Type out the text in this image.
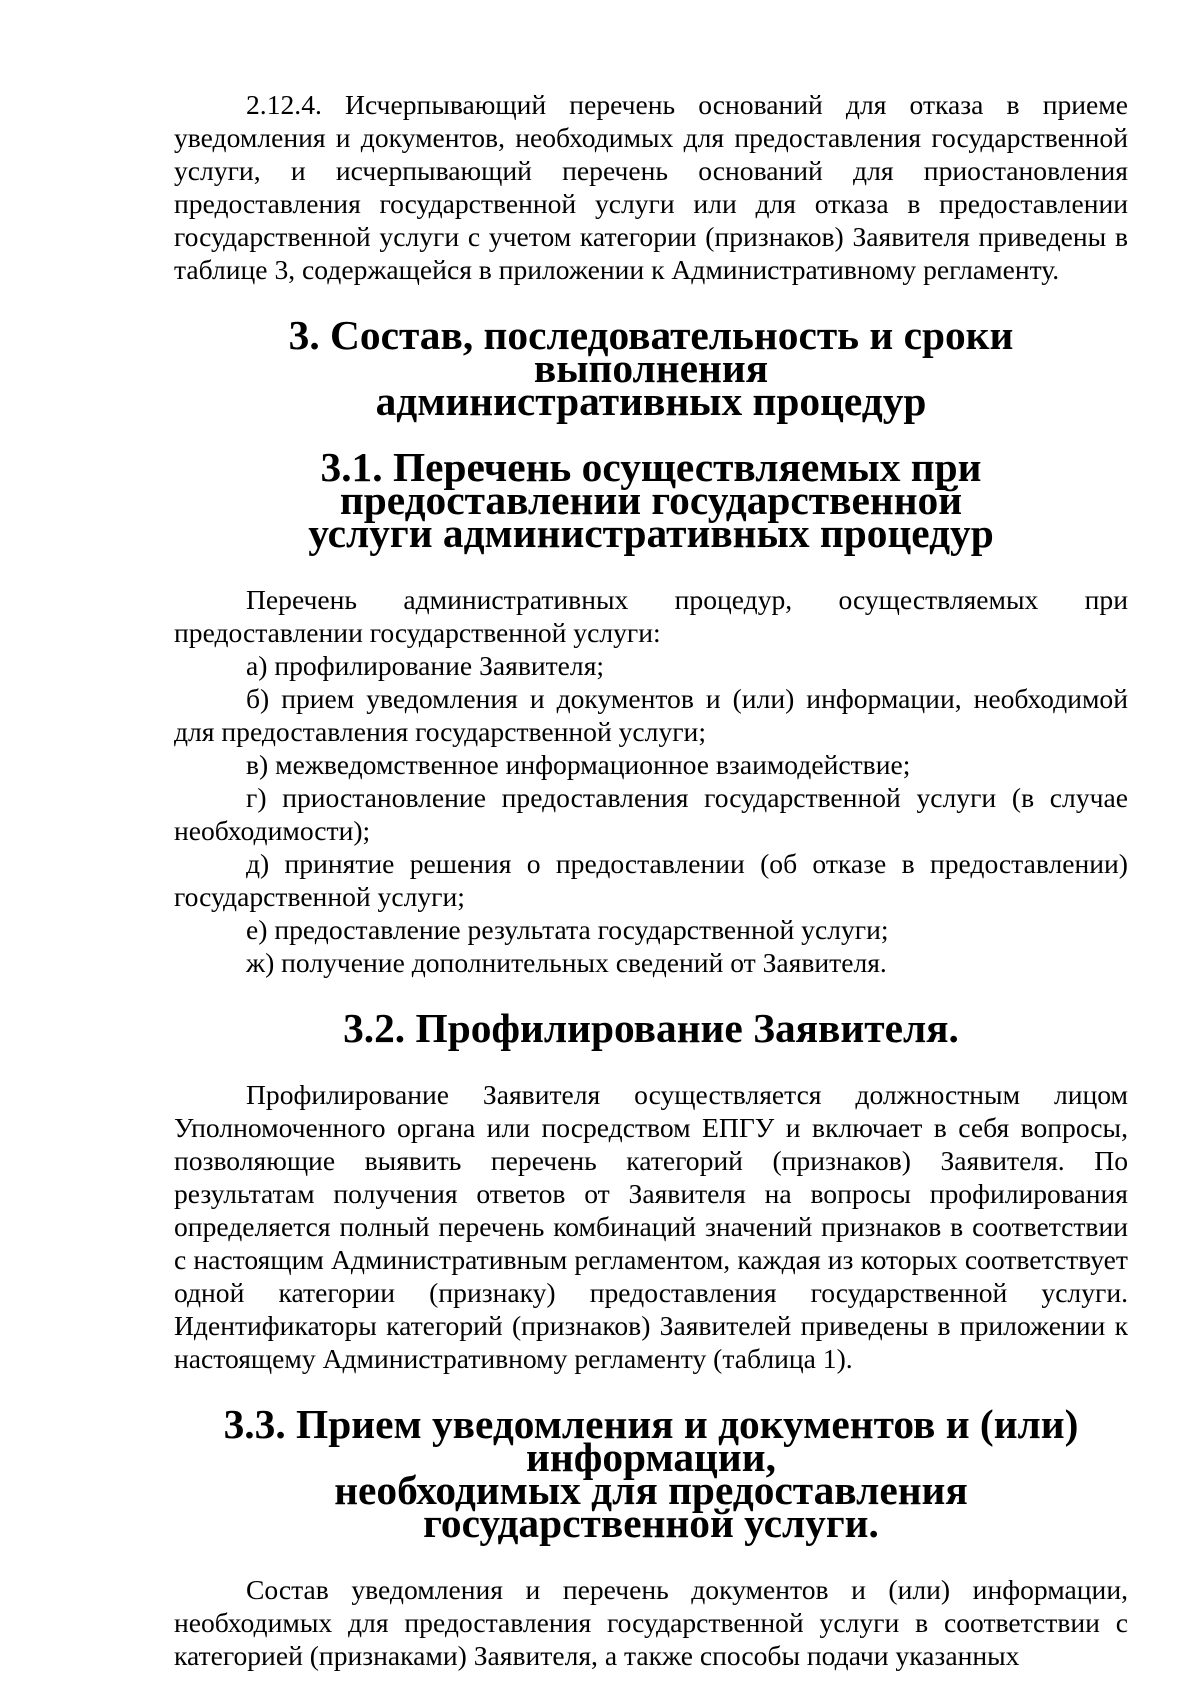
2.12.4. Исчерпывающий перечень оснований для отказа в приеме уведомления и документов, необходимых для предоставления государственной услуги, и исчерпывающий перечень оснований для приостановления предоставления государственной услуги или для отказа в предоставлении государственной услуги с учетом категории (признаков) Заявителя приведены в таблице 3, содержащейся в приложении к Административному регламенту.

3. Состав, последовательность и сроки выполнения
административных процедур
3.1. Перечень осуществляемых при предоставлении государственной
услуги административных процедур

Перечень административных процедур, осуществляемых при предоставлении государственной услуги:

а) профилирование Заявителя;

б) прием уведомления и документов и (или) информации, необходимой для предоставления государственной услуги;

в) межведомственное информационное взаимодействие;

г) приостановление предоставления государственной услуги (в случае необходимости);

д) принятие решения о предоставлении (об отказе в предоставлении) государственной услуги;

е) предоставление результата государственной услуги;

ж) получение дополнительных сведений от Заявителя.

3.2. Профилирование Заявителя.

Профилирование Заявителя осуществляется должностным лицом Уполномоченного органа или посредством ЕПГУ и включает в себя вопросы, позволяющие выявить перечень категорий (признаков) Заявителя. По результатам получения ответов от Заявителя на вопросы профилирования определяется полный перечень комбинаций значений признаков в соответствии с настоящим Административным регламентом, каждая из которых соответствует одной категории (признаку) предоставления государственной услуги. Идентификаторы категорий (признаков) Заявителей приведены в приложении к настоящему Административному регламенту (таблица 1).

3.3. Прием уведомления и документов и (или) информации,
необходимых для предоставления государственной услуги.

Состав уведомления и перечень документов и (или) информации, необходимых для предоставления государственной услуги в соответствии с категорией (признаками) Заявителя, а также способы подачи указанных
